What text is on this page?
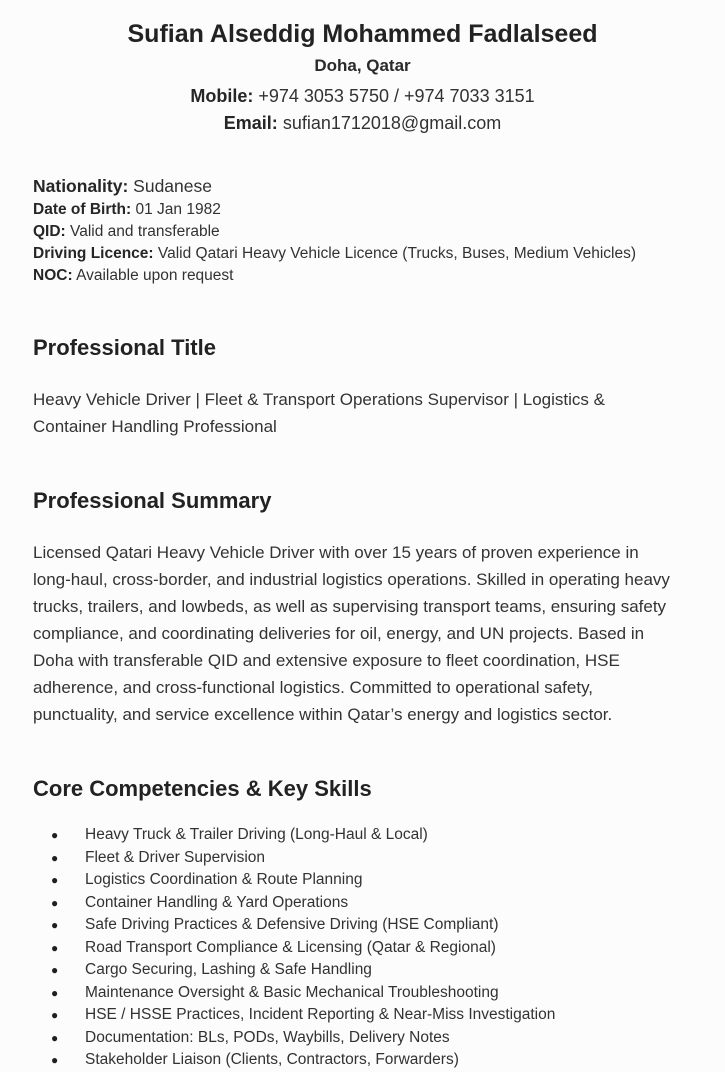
Sufian Alseddig Mohammed Fadlalseed

Doha, Qatar

Mobile: +974 3053 5750 / +974 7033 3151

Email: sufian1712018@gmail.com

Nationality: Sudanese
Date of Birth: 01 Jan 1982
QID: Valid and transferable
Driving Licence: Valid Qatari Heavy Vehicle Licence (Trucks, Buses, Medium Vehicles)
NOC: Available upon request
Professional Title

Heavy Vehicle Driver | Fleet & Transport Operations Supervisor | Logistics & Container Handling Professional

Professional Summary

Licensed Qatari Heavy Vehicle Driver with over 15 years of proven experience in long-haul, cross-border, and industrial logistics operations. Skilled in operating heavy trucks, trailers, and lowbeds, as well as supervising transport teams, ensuring safety compliance, and coordinating deliveries for oil, energy, and UN projects. Based in Doha with transferable QID and extensive exposure to fleet coordination, HSE adherence, and cross-functional logistics. Committed to operational safety, punctuality, and service excellence within Qatar’s energy and logistics sector.

Core Competencies & Key Skills
● Heavy Truck & Trailer Driving (Long-Haul & Local)
● Fleet & Driver Supervision
● Logistics Coordination & Route Planning
● Container Handling & Yard Operations
● Safe Driving Practices & Defensive Driving (HSE Compliant)
● Road Transport Compliance & Licensing (Qatar & Regional)
● Cargo Securing, Lashing & Safe Handling
● Maintenance Oversight & Basic Mechanical Troubleshooting
● HSE / HSSE Practices, Incident Reporting & Near-Miss Investigation
● Documentation: BLs, PODs, Waybills, Delivery Notes
● Stakeholder Liaison (Clients, Contractors, Forwarders)
